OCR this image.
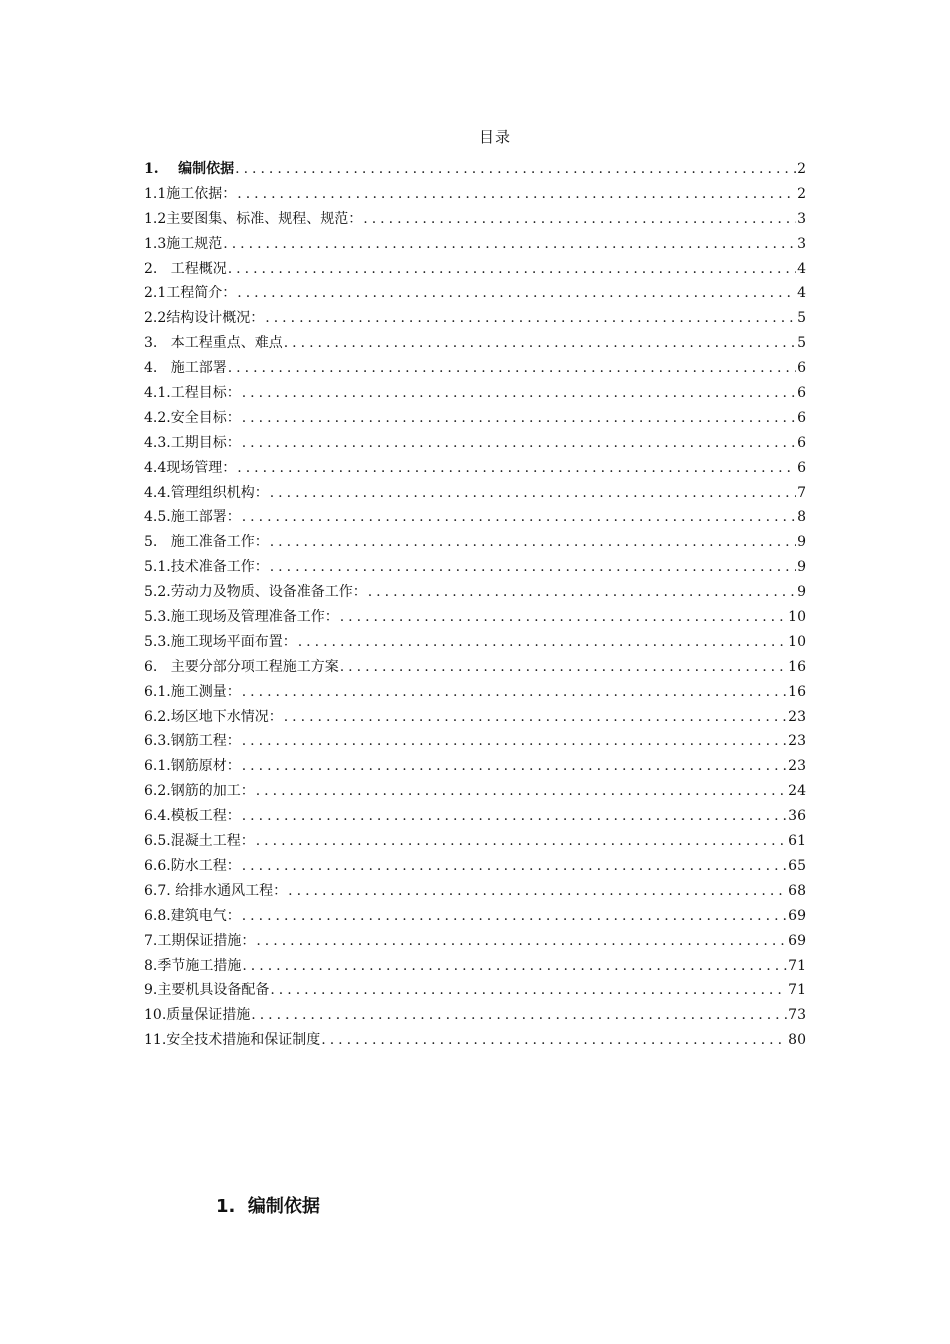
目录
1.    编制依据 .....	2
1.1施工依据： .....	2
1.2主要图集、标准、规程、规范： .....	3
1.3施工规范 .....	3
2.   工程概况 .....	4
2.1工程简介： .....	4
2.2结构设计概况： .....	5
3.   本工程重点、难点 .....	5
4.   施工部署 .....	6
4.1.工程目标： .....	6
4.2.安全目标： .....	6
4.3.工期目标： .....	6
4.4现场管理： .....	6
4.4.管理组织机构： .....	7
4.5.施工部署： .....	8
5.   施工准备工作： .....	9
5.1.技术准备工作： .....	9
5.2.劳动力及物质、设备准备工作： .....	9
5.3.施工现场及管理准备工作： .....	10
5.3.施工现场平面布置： .....	10
6.   主要分部分项工程施工方案 .....	16
6.1.施工测量： .....	16
6.2.场区地下水情况： .....	23
6.3.钢筋工程： .....	23
6.1.钢筋原材： .....	23
6.2.钢筋的加工： .....	24
6.4.模板工程： .....	36
6.5.混凝土工程： .....	61
6.6.防水工程： .....	65
6.7. 给排水通风工程： .....	68
6.8.建筑电气： .....	69
7.工期保证措施： .....	69
8.季节施工措施 .....	71
9.主要机具设备配备 .....	71
10.质量保证措施 .....	73
11.安全技术措施和保证制度 .....	80
1.  编制依据
